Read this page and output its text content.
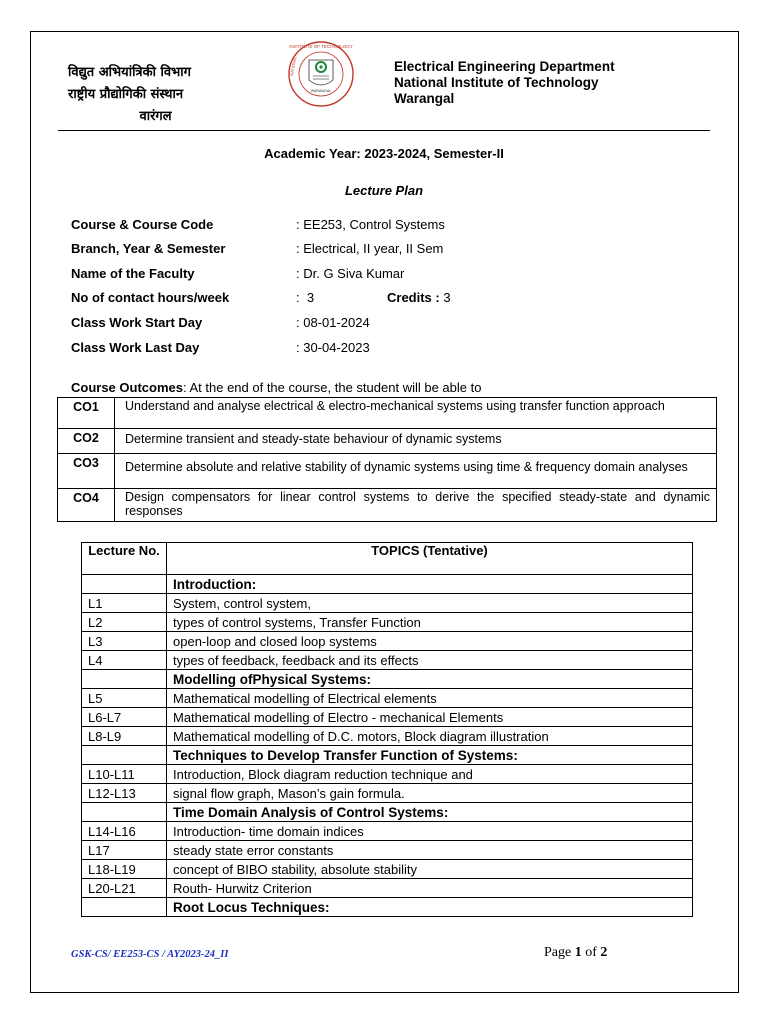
विद्युत अभियांत्रिकी विभाग
राष्ट्रीय प्रौद्योगिकी संस्थान
वारंगल
INSTITUTE OF TECHNOLOGY
NATIONAL
WARANGAL
Electrical Engineering Department
National Institute of Technology
Warangal
Academic Year: 2023-2024, Semester-II
Lecture Plan
Course & Course Code	: EE253, Control Systems
Branch, Year & Semester	: Electrical, II year, II Sem
Name of the Faculty	: Dr. G Siva Kumar
No of contact hours/week	:  3	Credits : 3
Class Work Start Day	: 08-01-2024
Class Work Last Day	: 30-04-2023
Course Outcomes: At the end of the course, the student will be able to
CO1	Understand and analyse electrical & electro-mechanical systems using transfer function approach
CO2	Determine transient and steady-state behaviour of dynamic systems
CO3	Determine absolute and relative stability of dynamic systems using time & frequency domain analyses
CO4	Design compensators for linear control systems to derive the specified steady-state and dynamic responses
Lecture No.	TOPICS (Tentative)
	Introduction:
L1	System, control system,
L2	types of control systems, Transfer Function
L3	open-loop and closed loop systems
L4	types of feedback, feedback and its effects
	Modelling ofPhysical Systems:
L5	Mathematical modelling of Electrical elements
L6-L7	Mathematical modelling of Electro - mechanical Elements
L8-L9	Mathematical modelling of D.C. motors, Block diagram illustration
	Techniques to Develop Transfer Function of Systems:
L10-L11	Introduction, Block diagram reduction technique and
L12-L13	signal flow graph, Mason’s gain formula.
	Time Domain Analysis of Control Systems:
L14-L16	Introduction- time domain indices
L17	steady state error constants
L18-L19	concept of BIBO stability, absolute stability
L20-L21	Routh- Hurwitz Criterion
	Root Locus Techniques:
GSK-CS/ EE253-CS / AY2023-24_II	Page 1 of 2
